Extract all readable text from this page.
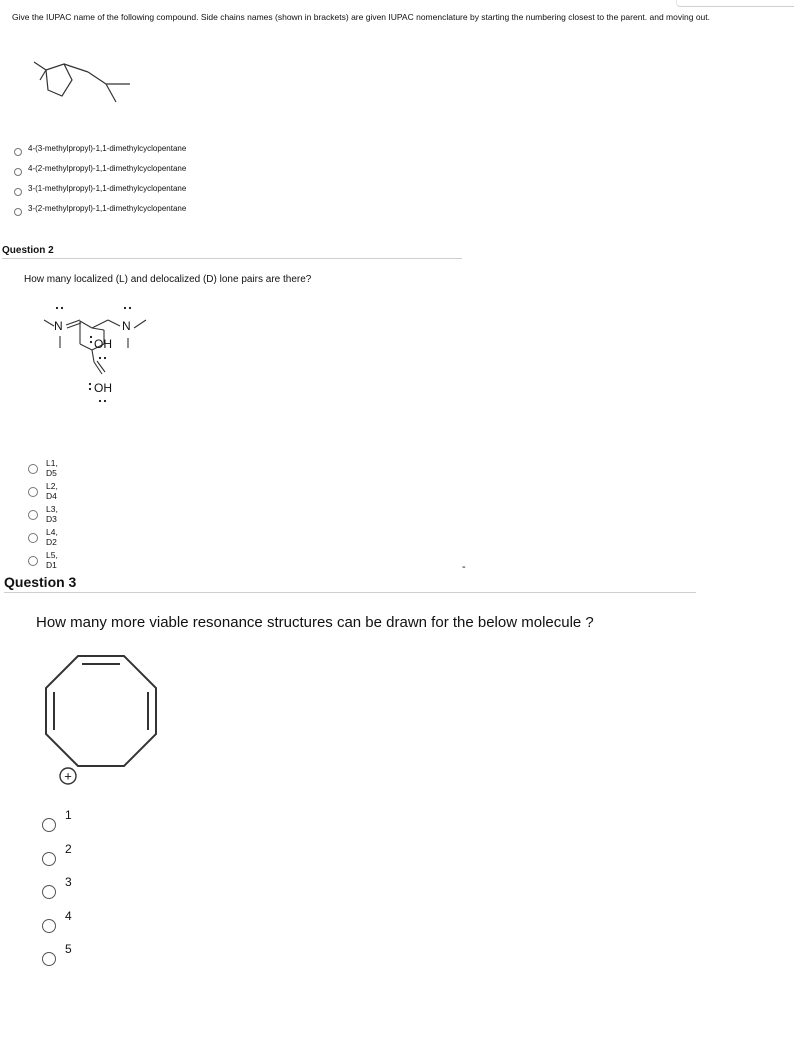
Give the IUPAC name of the following compound. Side chains names (shown in brackets) are given IUPAC nomenclature by starting the numbering closest to the parent. and moving out.
4-(3-methylpropyl)-1,1-dimethylcyclopentane
4-(2-methylpropyl)-1,1-dimethylcyclopentane
3-(1-methylpropyl)-1,1-dimethylcyclopentane
3-(2-methylpropyl)-1,1-dimethylcyclopentane
Question 2
How many localized (L) and delocalized (D) lone pairs are there?
N	N
OH
OH
L1, D5
L2, D4
L3, D3
L4, D2
L5, D1	-
Question 3
How many more viable resonance structures can be drawn for the below molecule ?
+
1
2
3
4
5
